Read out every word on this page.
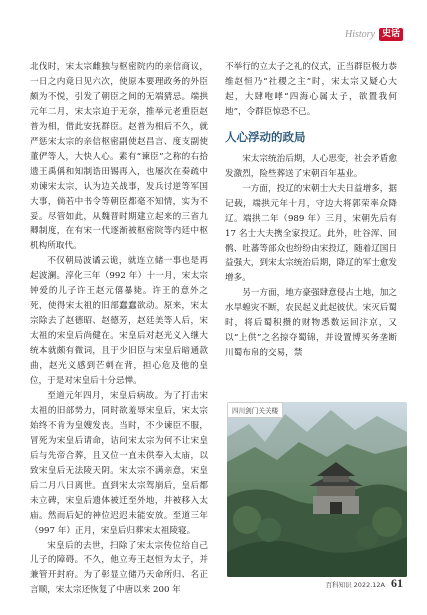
History 史话

北伐时，宋太宗雌独与枢密院内的亲信商议，一日之内竟日见六次，使原本要理政务的外臣颇为不悦，引发了朝臣之间的无端猜忌。端拱元年二月，宋太宗迫于无奈，推举元老重臣赵普为相，借此安抚群臣。赵普为相后不久，就严惩宋太宗的亲信枢密副使赵昌言、度支副使董俨等人，大快人心。素有“谏臣”之称的右拾遗王禹偁和知制诰田锡再入，也屡次在奏疏中劝谏宋太宗，认为边关战事，发兵讨逆等军国大事，倘若中书令等朝臣都毫不知情，实为不妥。尽管如此，从魏晋时期建立起来的三省九卿制度，在有宋一代逐渐被枢密院等内廷中枢机构所取代。

不仅朝局波谲云诡，就连立储一事也是再起波澜。淳化三年（992 年）十一月，宋太宗钟爱的儿子许王赵元僖暴毙。许王的意外之死，使得宋太祖的旧部蠢蠢欲动。原来，宋太宗除去了赵德昭、赵德芳，赵廷美等人后，宋太祖的宋皇后尚健在。宋皇后对赵光义入继大统本就颇有微词，且于少旧臣与宋皇后暗通款曲，赵光义感到芒刺在背，担心危及他的皇位，于是对宋皇后十分忌惮。

至道元年四月，宋皇后病故。为了打击宋太祖的旧部势力，同时欲羞辱宋皇后，宋太宗始终不肯为皇嫂发丧。当时，不少谏臣不服，冒死为宋皇后请命，诘问宋太宗为何不让宋皇后与先帝合葬，且又位一直未供奉入太庙，以致宋皇后无法陵天阴。宋太宗不满亲意，宋皇后二月八日离世。直到宋太宗驾崩后，皇后都未立碑，宋皇后遗体被迁至外地，并被移入太庙。然而后妃的神位迟迟未能安放。至道三年（997 年）正月，宋皇后归葬宋太祖陵寝。

宋皇后的去世，扫除了宋太宗传位给自己儿子的障碍。不久，他立寿王赵恒为太子，并兼管开封府。为了彰显立储乃天命所归、名正言顺，宋太宗还恢复了中唐以来 200 年

不举行的立太子之礼的仪式，正当群臣极力恭维赵恒乃“社稷之主”时，宋太宗又疑心大起，大肆咆哮“四海心属太子，欲置我何地”，令群臣惊恐不已。

人心浮动的政局

宋太宗统治后期，人心思变，社会矛盾愈发激烈，险些葬送了宋朝百年基业。

一方面，投辽的宋朝士大夫日益增多，据记载，端拱元年十月，守边大将郭荣率众降辽。端拱二年（989 年）三月，宋朝先后有 17 名士大夫携全家投辽。此外，吐谷浑、回鹘、吐蕃等部众也纷纷由宋投辽，随着辽国日益强大，到宋太宗统治后期，降辽的军士愈发增多。

另一方面，地方豪强肆意侵占土地，加之水旱蝗灾不断，农民起义此起彼伏。宋灭后蜀时，将后蜀积攒的财物悉数运回汴京，又以“上供”之名掠夺蜀锦，并设置博买务垄断川蜀布帛的交易，禁

四川剑门关关楼
百科知识 2022.12A 61
